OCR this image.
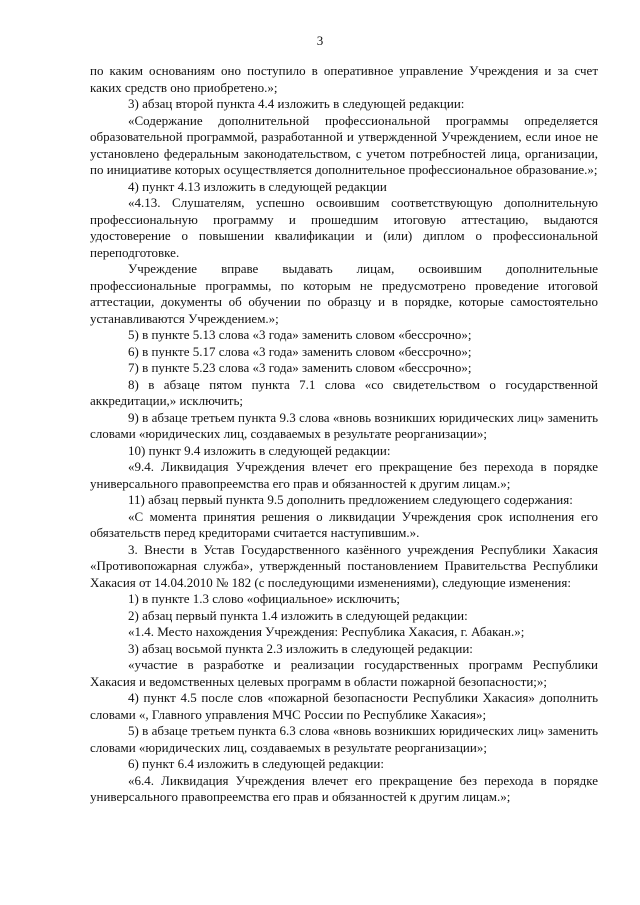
3

по каким основаниям оно поступило в оперативное управление Учреждения и за счет каких средств оно приобретено.»;

3) абзац второй пункта 4.4 изложить в следующей редакции:

«Содержание дополнительной профессиональной программы определяется образовательной программой, разработанной и утвержденной Учреждением, если иное не установлено федеральным законодательством, с учетом потребностей лица, организации, по инициативе которых осуществляется дополнительное профессиональное образование.»;

4) пункт 4.13 изложить в следующей редакции

«4.13. Слушателям, успешно освоившим соответствующую дополнительную профессиональную программу и прошедшим итоговую аттестацию, выдаются удостоверение о повышении квалификации и (или) диплом о профессиональной переподготовке.

Учреждение вправе выдавать лицам, освоившим дополнительные профессиональные программы, по которым не предусмотрено проведение итоговой аттестации, документы об обучении по образцу и в порядке, которые самостоятельно устанавливаются Учреждением.»;

5) в пункте 5.13 слова «3 года» заменить словом «бессрочно»;

6) в пункте 5.17 слова «3 года» заменить словом «бессрочно»;

7) в пункте 5.23 слова «3 года» заменить словом «бессрочно»;

8) в абзаце пятом пункта 7.1 слова «со свидетельством о государственной аккредитации,» исключить;

9) в абзаце третьем пункта 9.3 слова «вновь возникших юридических лиц» заменить словами «юридических лиц, создаваемых в результате реорганизации»;

10) пункт 9.4 изложить в следующей редакции:

«9.4. Ликвидация Учреждения влечет его прекращение без перехода в порядке универсального правопреемства его прав и обязанностей к другим лицам.»;

11) абзац первый пункта 9.5 дополнить предложением следующего содержания:

«С момента принятия решения о ликвидации Учреждения срок исполнения его обязательств перед кредиторами считается наступившим.».

3. Внести в Устав Государственного казённого учреждения Республики Хакасия «Противопожарная служба», утвержденный постановлением Правительства Республики Хакасия от 14.04.2010 № 182 (с последующими изменениями), следующие изменения:

1) в пункте 1.3 слово «официальное» исключить;

2) абзац первый пункта 1.4 изложить в следующей редакции:

«1.4. Место нахождения Учреждения: Республика Хакасия, г. Абакан.»;

3) абзац восьмой пункта 2.3 изложить в следующей редакции:

«участие в разработке и реализации государственных программ Республики Хакасия и ведомственных целевых программ в области пожарной безопасности;»;

4) пункт 4.5 после слов «пожарной безопасности Республики Хакасия» дополнить словами «, Главного управления МЧС России по Республике Хакасия»;

5) в абзаце третьем пункта 6.3 слова «вновь возникших юридических лиц» заменить словами «юридических лиц, создаваемых в результате реорганизации»;

6) пункт 6.4 изложить в следующей редакции:

«6.4. Ликвидация Учреждения влечет его прекращение без перехода в порядке универсального правопреемства его прав и обязанностей к другим лицам.»;
